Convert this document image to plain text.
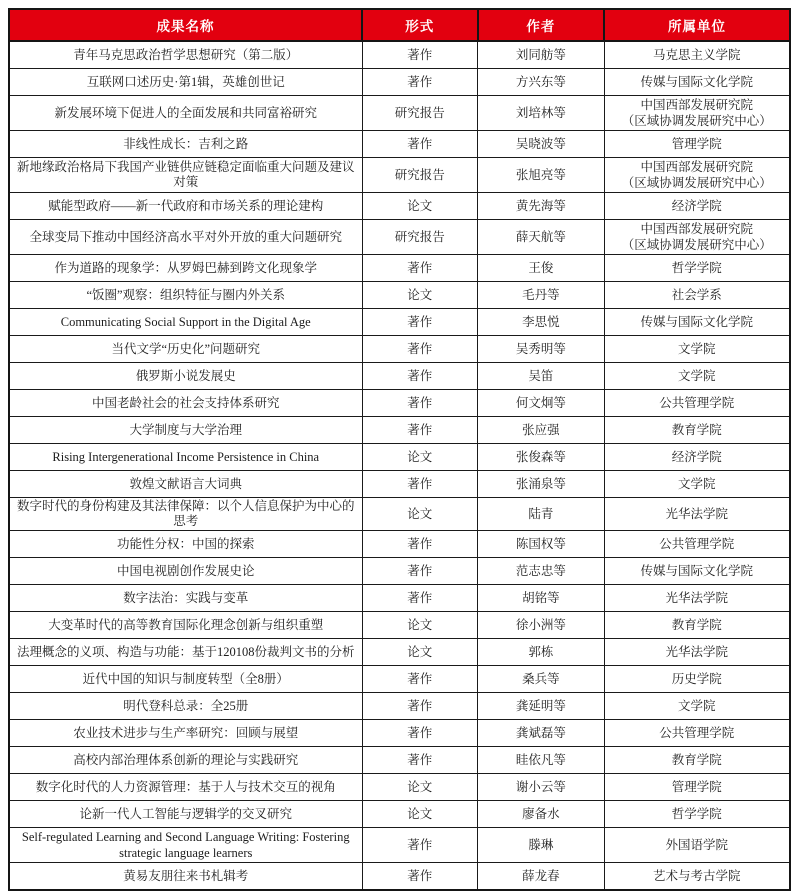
成果名称	形式	作者	所属单位
青年马克思政治哲学思想研究（第二版）	著作	刘同舫等	马克思主义学院
互联网口述历史·第1辑，英雄创世记	著作	方兴东等	传媒与国际文化学院
新发展环境下促进人的全面发展和共同富裕研究	研究报告	刘培林等	中国西部发展研究院
（区域协调发展研究中心）

非线性成长：吉利之路	著作	吴晓波等	管理学院
新地缘政治格局下我国产业链供应链稳定面临重大问题及建议对策	研究报告	张旭亮等	中国西部发展研究院
（区域协调发展研究中心）

赋能型政府——新一代政府和市场关系的理论建构	论文	黄先海等	经济学院
全球变局下推动中国经济高水平对外开放的重大问题研究	研究报告	薛天航等	中国西部发展研究院
（区域协调发展研究中心）

作为道路的现象学：从罗姆巴赫到跨文化现象学	著作	王俊	哲学学院
“饭圈”观察：组织特征与圈内外关系	论文	毛丹等	社会学系
Communicating Social Support in the Digital Age	著作	李思悦	传媒与国际文化学院
当代文学“历史化”问题研究	著作	吴秀明等	文学院
俄罗斯小说发展史	著作	吴笛	文学院
中国老龄社会的社会支持体系研究	著作	何文炯等	公共管理学院
大学制度与大学治理	著作	张应强	教育学院
Rising Intergenerational Income Persistence in China	论文	张俊森等	经济学院
敦煌文献语言大词典	著作	张涌泉等	文学院
数字时代的身份构建及其法律保障：以个人信息保护为中心的思考	论文	陆青	光华法学院
功能性分权：中国的探索	著作	陈国权等	公共管理学院
中国电视剧创作发展史论	著作	范志忠等	传媒与国际文化学院
数字法治：实践与变革	著作	胡铭等	光华法学院
大变革时代的高等教育国际化理念创新与组织重塑	论文	徐小洲等	教育学院
法理概念的义项、构造与功能：基于120108份裁判文书的分析	论文	郭栋	光华法学院
近代中国的知识与制度转型（全8册）	著作	桑兵等	历史学院
明代登科总录：全25册	著作	龚延明等	文学院
农业技术进步与生产率研究：回顾与展望	著作	龚斌磊等	公共管理学院
高校内部治理体系创新的理论与实践研究	著作	眭依凡等	教育学院
数字化时代的人力资源管理：基于人与技术交互的视角	论文	谢小云等	管理学院
论新一代人工智能与逻辑学的交叉研究	论文	廖备水	哲学学院

Self-regulated Learning and Second Language Writing: Fostering
strategic language learners	著作	滕琳	外国语学院
黄易友朋往来书札辑考	著作	薛龙春	艺术与考古学院
